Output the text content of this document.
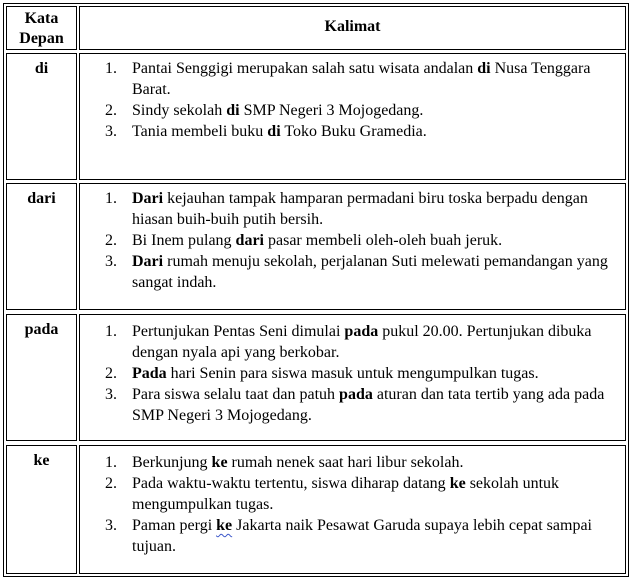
Kata Depan
Kalimat
di	1. Pantai Senggigi merupakan salah satu wisata andalan di Nusa Tenggara Barat.
2. Sindy sekolah di SMP Negeri 3 Mojogedang.
3. Tania membeli buku di Toko Buku Gramedia.
dari	1. Dari kejauhan tampak hamparan permadani biru toska berpadu dengan hiasan buih-buih putih bersih.
2. Bi Inem pulang dari pasar membeli oleh-oleh buah jeruk.
3. Dari rumah menuju sekolah, perjalanan Suti melewati pemandangan yang sangat indah.
pada	1. Pertunjukan Pentas Seni dimulai pada pukul 20.00. Pertunjukan dibuka dengan nyala api yang berkobar.
2. Pada hari Senin para siswa masuk untuk mengumpulkan tugas.
3. Para siswa selalu taat dan patuh pada aturan dan tata tertib yang ada pada SMP Negeri 3 Mojogedang.
ke	1. Berkunjung ke rumah nenek saat hari libur sekolah.
2. Pada waktu-waktu tertentu, siswa diharap datang ke sekolah untuk mengumpulkan tugas.
3. Paman pergi ke Jakarta naik Pesawat Garuda supaya lebih cepat sampai tujuan.
